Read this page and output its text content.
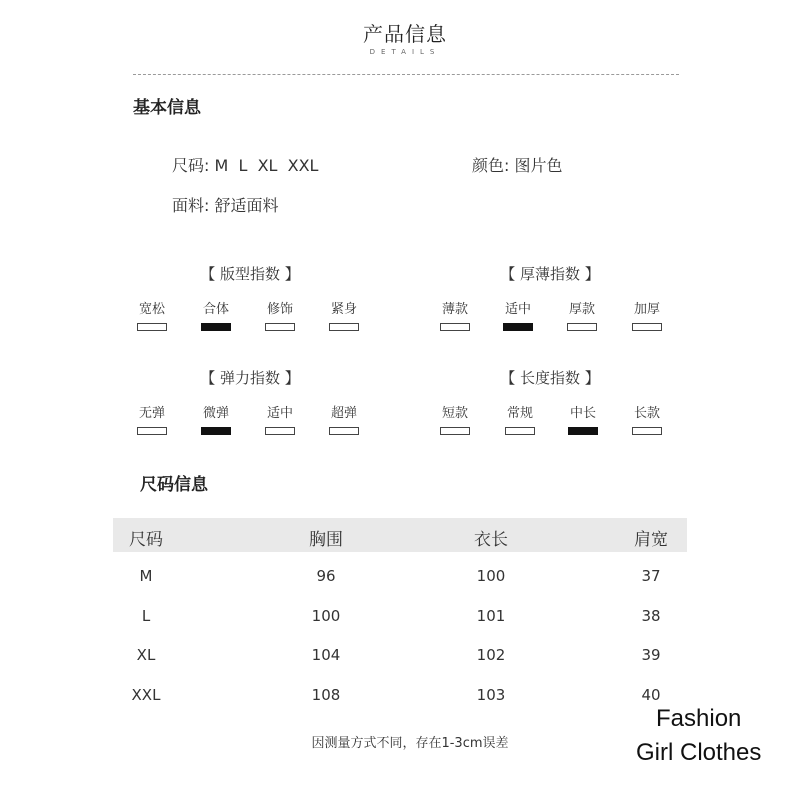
产品信息
DETAILS
基本信息
尺码: M  L  XL  XXL	颜色: 图片色
面料: 舒适面料
【 版型指数 】	【 厚薄指数 】
【 弹力指数 】	【 长度指数 】
宽松	合体	修饰	紧身	薄款	适中	厚款	加厚
无弹	微弹	适中	超弹	短款	常规	中长	长款
尺码信息
尺码	胸围	衣长	肩宽
M	96	100	37
L	100	101	38
XL	104	102	39
XXL	108	103	40
因测量方式不同，存在1-3cm误差
Fashion
Girl Clothes
